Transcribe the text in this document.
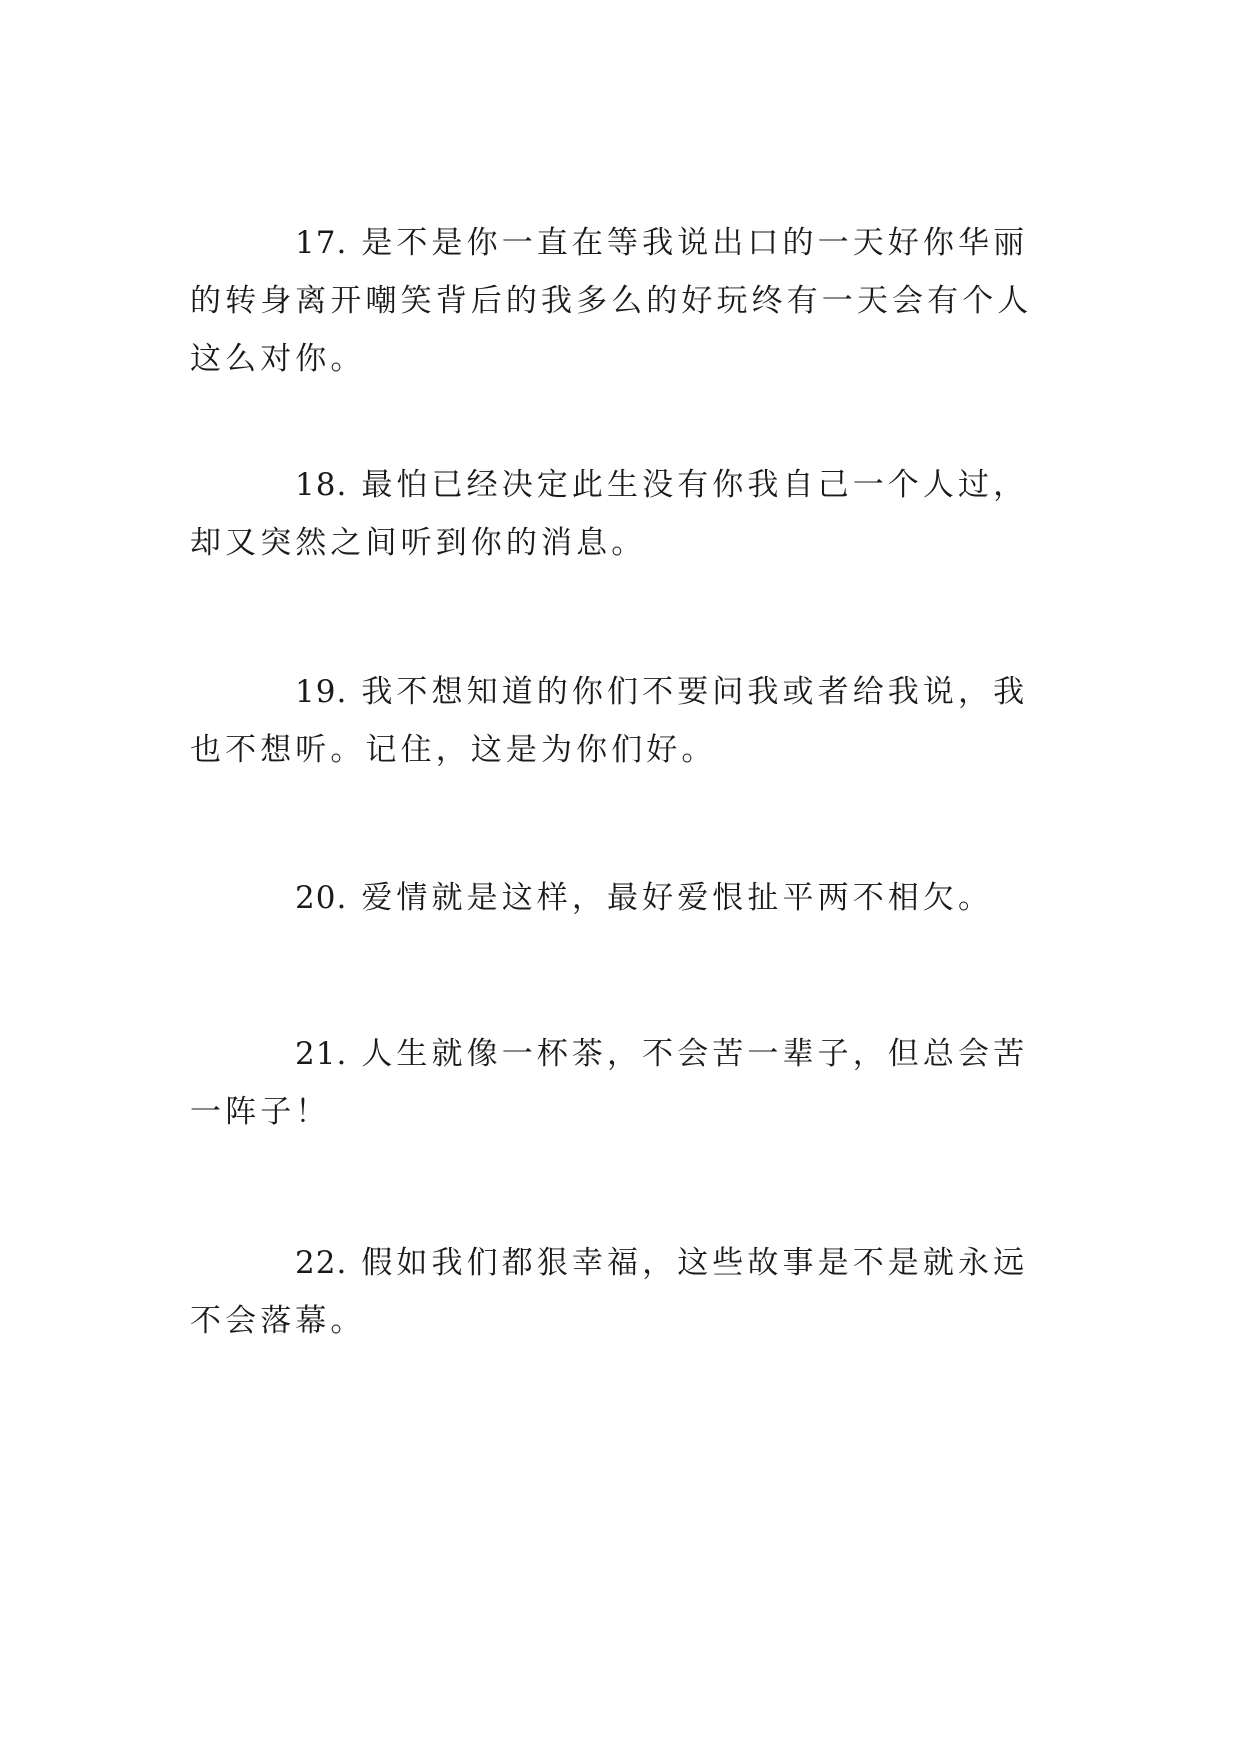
17. 是不是你一直在等我说出口的一天好你华丽的转身离开嘲笑背后的我多么的好玩终有一天会有个人这么对你。

18. 最怕已经决定此生没有你我自己一个人过，却又突然之间听到你的消息。

19. 我不想知道的你们不要问我或者给我说，我也不想听。记住，这是为你们好。

20. 爱情就是这样，最好爱恨扯平两不相欠。

21. 人生就像一杯茶，不会苦一辈子，但总会苦一阵子！

22. 假如我们都狠幸福，这些故事是不是就永远不会落幕。
